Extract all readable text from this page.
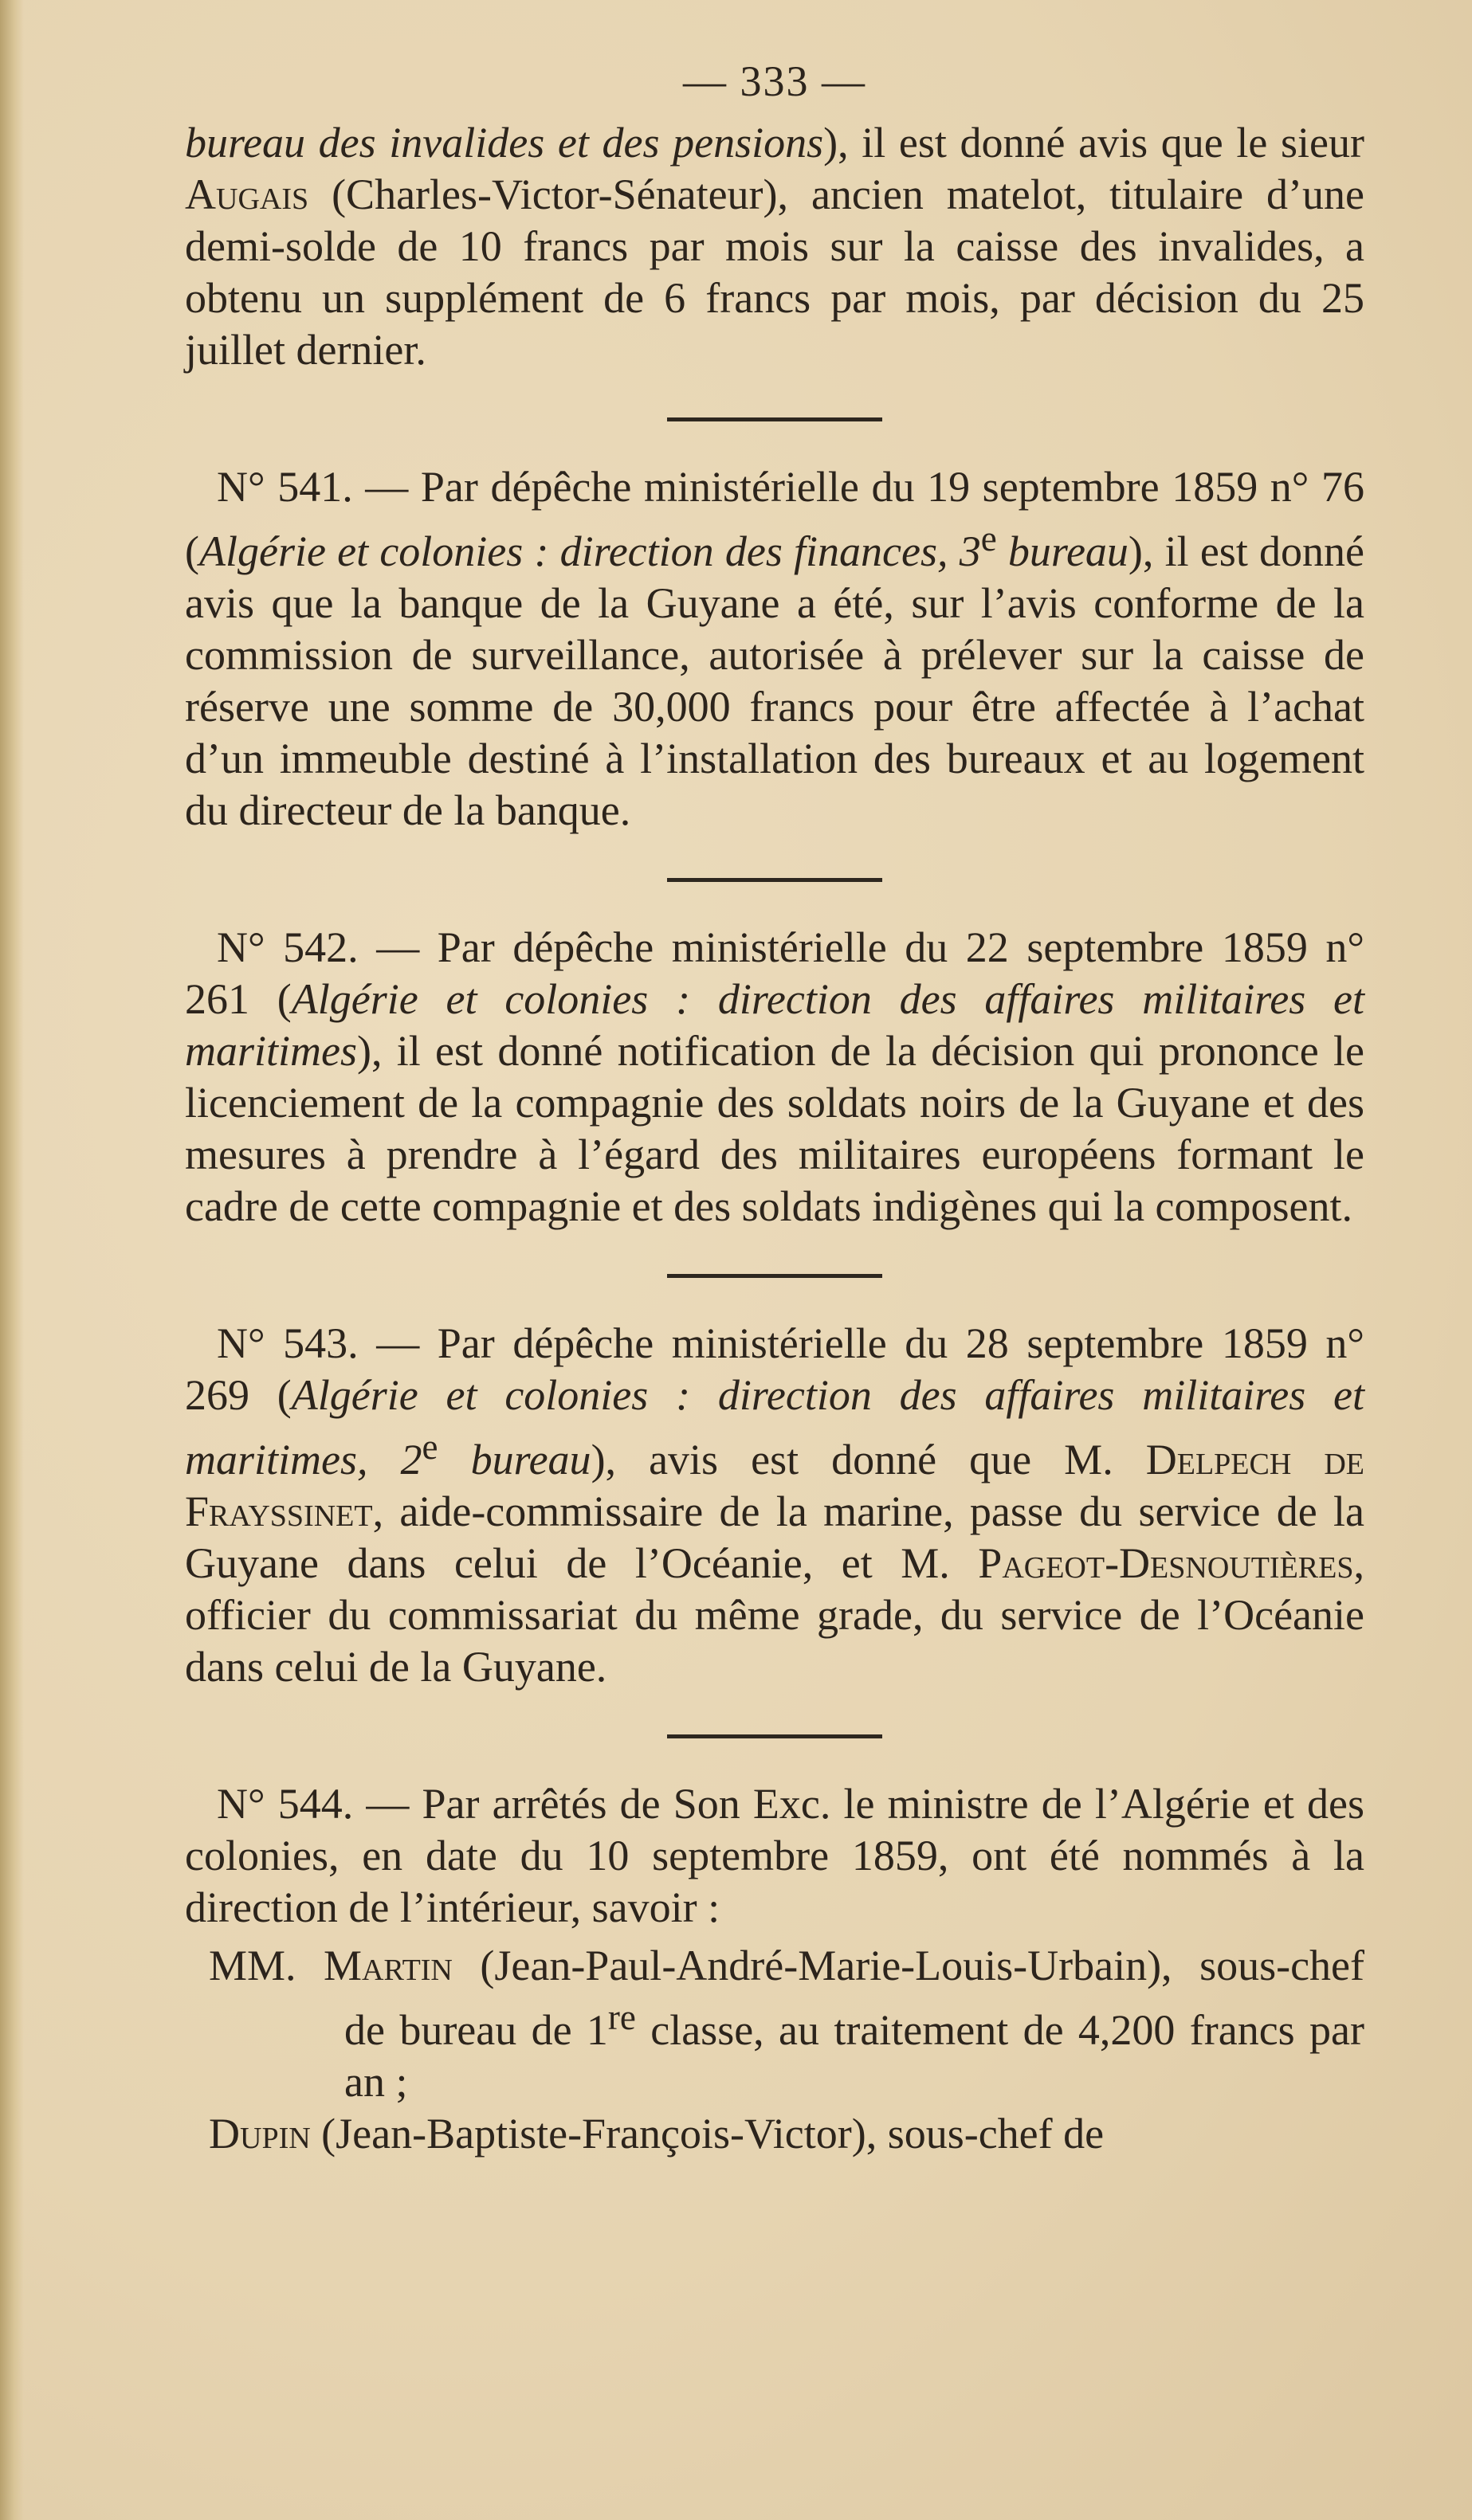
— 333 —

bureau des invalides et des pensions), il est donné avis que le sieur Augais (Charles-Victor-Sénateur), ancien matelot, titulaire d’une demi-solde de 10 francs par mois sur la caisse des invalides, a obtenu un supplément de 6 francs par mois, par décision du 25 juillet dernier.

N° 541. — Par dépêche ministérielle du 19 septembre 1859 n° 76 (Algérie et colonies : direction des finances, 3e bureau), il est donné avis que la banque de la Guyane a été, sur l’avis conforme de la commission de surveillance, autorisée à prélever sur la caisse de réserve une somme de 30,000 francs pour être affectée à l’achat d’un immeuble destiné à l’installation des bureaux et au logement du directeur de la banque.

N° 542. — Par dépêche ministérielle du 22 septembre 1859 n° 261 (Algérie et colonies : direction des affaires militaires et maritimes), il est donné notification de la décision qui prononce le licenciement de la compagnie des soldats noirs de la Guyane et des mesures à prendre à l’égard des militaires européens formant le cadre de cette compagnie et des soldats indigènes qui la composent.

N° 543. — Par dépêche ministérielle du 28 septembre 1859 n° 269 (Algérie et colonies : direction des affaires militaires et maritimes, 2e bureau), avis est donné que M. Delpech de Frayssinet, aide-commissaire de la marine, passe du service de la Guyane dans celui de l’Océanie, et M. Pageot-Desnoutières, officier du commissariat du même grade, du service de l’Océanie dans celui de la Guyane.

N° 544. — Par arrêtés de Son Exc. le ministre de l’Algérie et des colonies, en date du 10 septembre 1859, ont été nommés à la direction de l’intérieur, savoir :

MM. Martin (Jean-Paul-André-Marie-Louis-Urbain), sous-chef de bureau de 1re classe, au traitement de 4,200 francs par an ;
Dupin (Jean-Baptiste-François-Victor), sous-chef de
